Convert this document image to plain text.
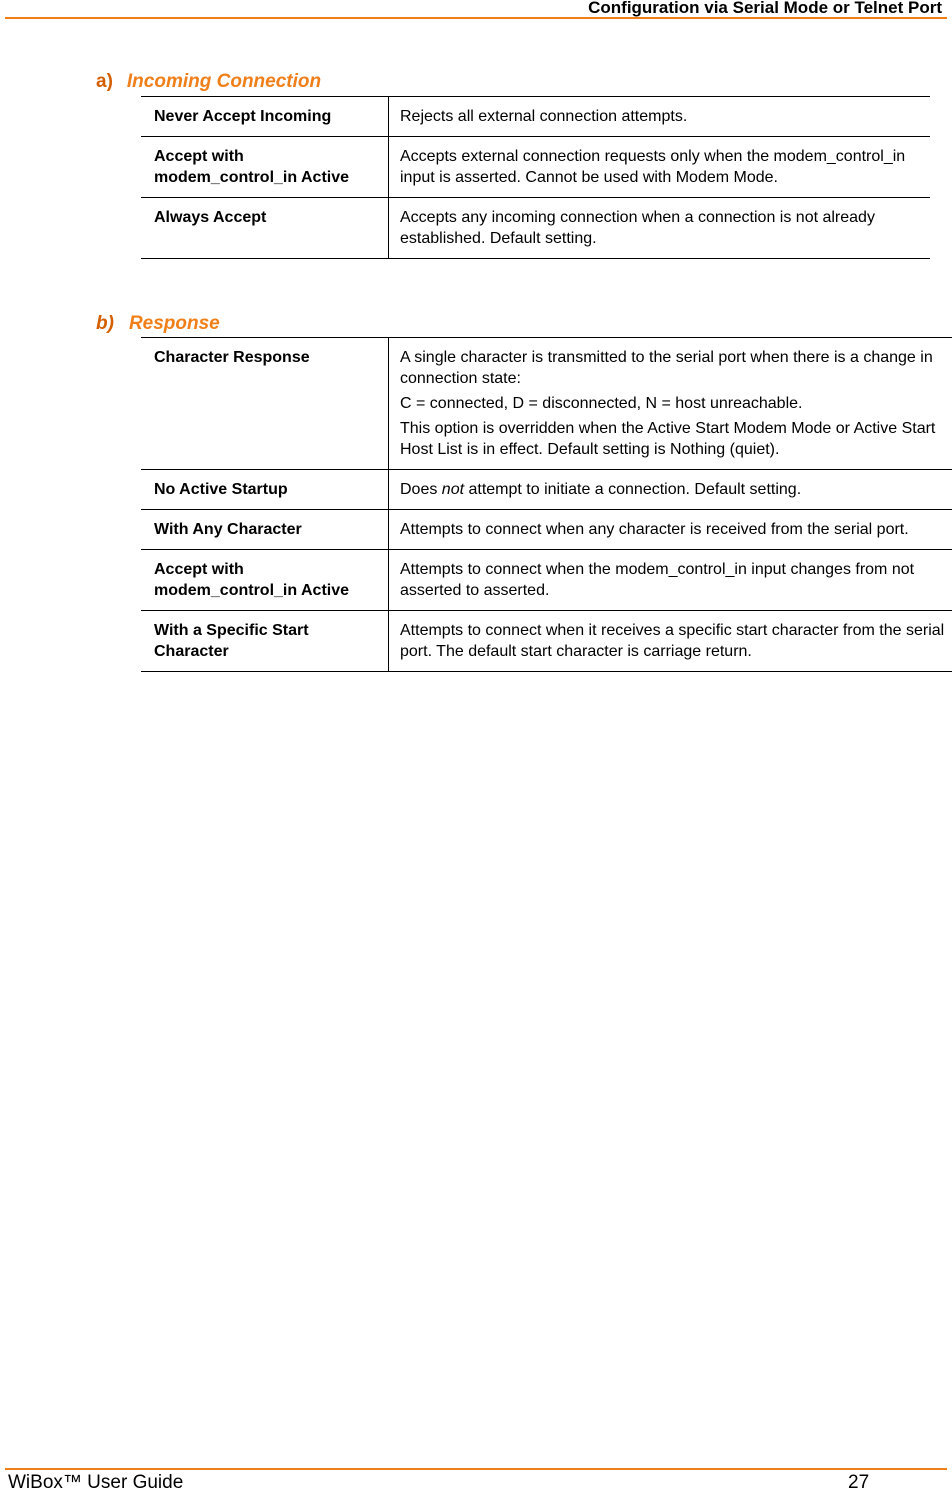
Configuration via Serial Mode or Telnet Port
a) Incoming Connection
Never Accept Incoming	Rejects all external connection attempts.

Accept with modem_control_in Active	Accepts external connection requests only when the modem_control_in input is asserted. Cannot be used with Modem Mode.

Always Accept	Accepts any incoming connection when a connection is not already established. Default setting.

b) Response
Character Response	A single character is transmitted to the serial port when there is a change in connection state:

C = connected, D = disconnected, N = host unreachable.

This option is overridden when the Active Start Modem Mode or Active Start Host List is in effect. Default setting is Nothing (quiet).

No Active Startup	Does not attempt to initiate a connection. Default setting.

With Any Character	Attempts to connect when any character is received from the serial port.

Accept with modem_control_in Active	Attempts to connect when the modem_control_in input changes from not asserted to asserted.

With a Specific Start Character	Attempts to connect when it receives a specific start character from the serial port. The default start character is carriage return.

WiBox™ User Guide	27
